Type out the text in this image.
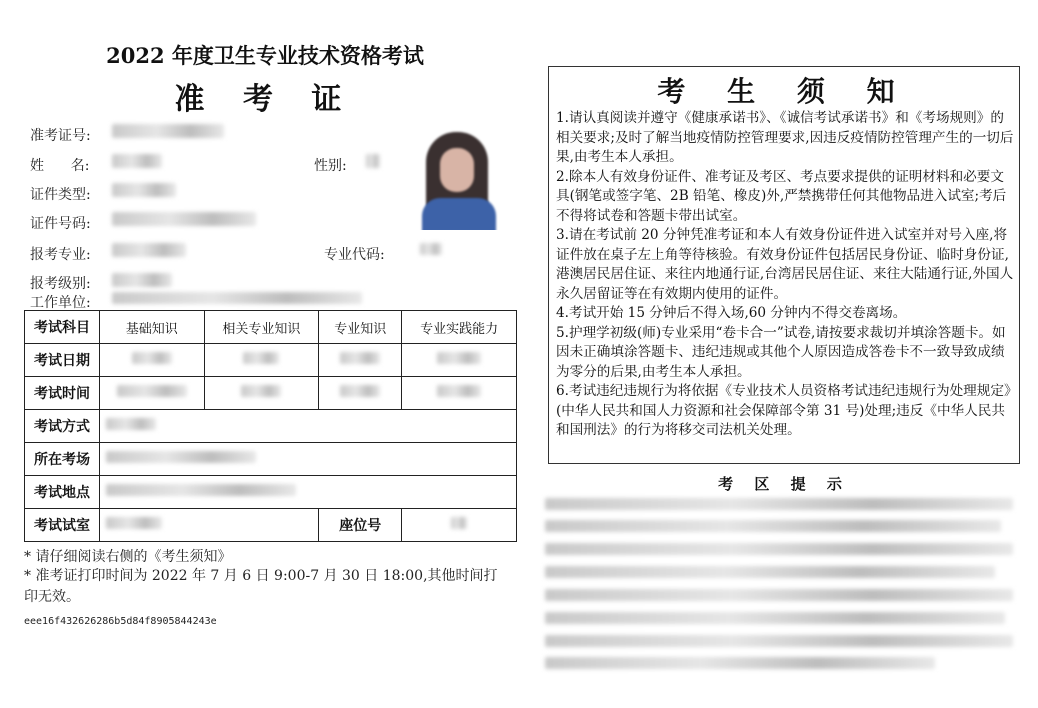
2022 年度卫生专业技术资格考试
准 考 证
准考证号:
姓      名:	性别:
证件类型:
证件号码:
报考专业:	专业代码:
报考级别:
工作单位:
考试科目	基础知识	相关专业知识	专业知识	专业实践能力
考试日期				
考试时间				
考试方式				
所在考场				
考试地点				
考试试室			座位号	
* 请仔细阅读右侧的《考生须知》
* 准考证打印时间为 2022 年 7 月 6 日 9:00-7 月 30 日 18:00,其他时间打印无效。
eee16f432626286b5d84f8905844243e
考 生 须 知

1.请认真阅读并遵守《健康承诺书》、《诚信考试承诺书》和《考场规则》的相关要求;及时了解当地疫情防控管理要求,因违反疫情防控管理产生的一切后果,由考生本人承担。

2.除本人有效身份证件、准考证及考区、考点要求提供的证明材料和必要文具(钢笔或签字笔、2B 铅笔、橡皮)外,严禁携带任何其他物品进入试室;考后不得将试卷和答题卡带出试室。

3.请在考试前 20 分钟凭准考证和本人有效身份证件进入试室并对号入座,将证件放在桌子左上角等待核验。有效身份证件包括居民身份证、临时身份证,港澳居民居住证、来往内地通行证,台湾居民居住证、来往大陆通行证,外国人永久居留证等在有效期内使用的证件。

4.考试开始 15 分钟后不得入场,60 分钟内不得交卷离场。

5.护理学初级(师)专业采用“卷卡合一”试卷,请按要求裁切并填涂答题卡。如因未正确填涂答题卡、违纪违规或其他个人原因造成答卷卡不一致导致成绩为零分的后果,由考生本人承担。

6.考试违纪违规行为将依据《专业技术人员资格考试违纪违规行为处理规定》(中华人民共和国人力资源和社会保障部令第 31 号)处理;违反《中华人民共和国刑法》的行为将移交司法机关处理。

考 区 提 示
